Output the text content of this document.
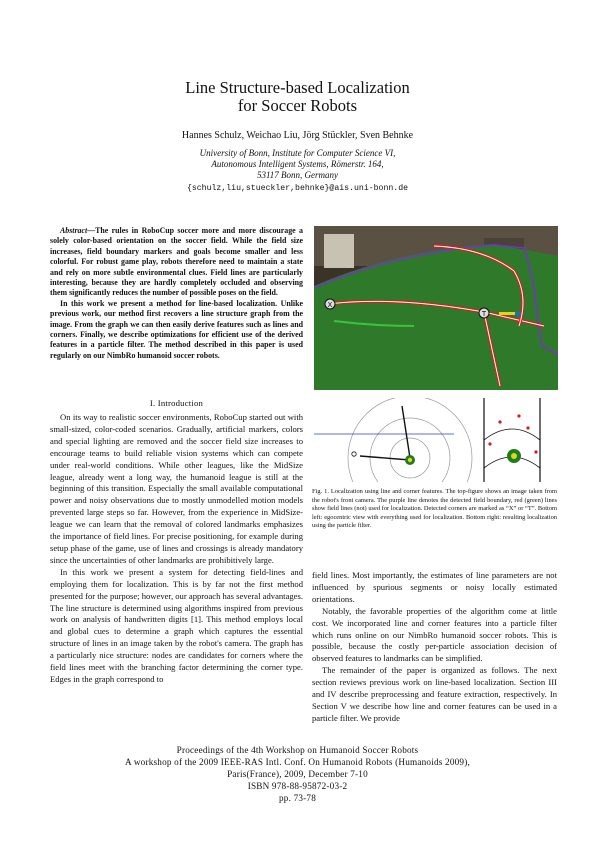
Line Structure-based Localization
for Soccer Robots
Hannes Schulz, Weichao Liu, Jörg Stückler, Sven Behnke
University of Bonn, Institute for Computer Science VI,
Autonomous Intelligent Systems, Römerstr. 164,
53117 Bonn, Germany
{schulz,liu,stueckler,behnke}@ais.uni-bonn.de

Abstract—The rules in RoboCup soccer more and more discourage a solely color-based orientation on the soccer field. While the field size increases, field boundary markers and goals become smaller and less colorful. For robust game play, robots therefore need to maintain a state and rely on more subtle environmental clues. Field lines are particularly interesting, because they are hardly completely occluded and observing them significantly reduces the number of possible poses on the field.

In this work we present a method for line-based localization. Unlike previous work, our method first recovers a line structure graph from the image. From the graph we can then easily derive features such as lines and corners. Finally, we describe optimizations for efficient use of the derived features in a particle filter. The method described in this paper is used regularly on our NimbRo humanoid soccer robots.

I. Introduction

On its way to realistic soccer environments, RoboCup started out with small-sized, color-coded scenarios. Gradually, artificial markers, colors and special lighting are removed and the soccer field size increases to encourage teams to build reliable vision systems which can compete under real-world conditions. While other leagues, like the MidSize league, already went a long way, the humanoid league is still at the beginning of this transition. Especially the small available computational power and noisy observations due to mostly unmodelled motion models prevented large steps so far. However, from the experience in MidSize-league we can learn that the removal of colored landmarks emphasizes the importance of field lines. For precise positioning, for example during setup phase of the game, use of lines and crossings is already mandatory since the uncertainties of other landmarks are prohibitively large.

In this work we present a system for detecting field-lines and employing them for localization. This is by far not the first method presented for the purpose; however, our approach has several advantages. The line structure is determined using algorithms inspired from previous work on analysis of handwritten digits [1]. This method employs local and global cues to determine a graph which captures the essential structure of lines in an image taken by the robot's camera. The graph has a particularly nice structure: nodes are candidates for corners where the field lines meet with the branching factor determining the corner type. Edges in the graph correspond to

X
T
Fig. 1. Localization using line and corner features. The top-figure shows an image taken from the robot's front camera. The purple line denotes the detected field boundary, red (green) lines show field lines (not) used for localization. Detected corners are marked as “X” or “T”. Bottom left: egocentric view with everything used for localization. Bottom right: resulting localization using the particle filter.

field lines. Most importantly, the estimates of line parameters are not influenced by spurious segments or noisy locally estimated orientations.

Notably, the favorable properties of the algorithm come at little cost. We incorporated line and corner features into a particle filter which runs online on our NimbRo humanoid soccer robots. This is possible, because the costly per-particle association decision of observed features to landmarks can be simplified.

The remainder of the paper is organized as follows. The next section reviews previous work on line-based localization. Section III and IV describe preprocessing and feature extraction, respectively. In Section V we describe how line and corner features can be used in a particle filter. We provide

Proceedings of the 4th Workshop on Humanoid Soccer Robots
A workshop of the 2009 IEEE-RAS Intl. Conf. On Humanoid Robots (Humanoids 2009),
Paris(France), 2009, December 7-10
ISBN 978-88-95872-03-2
pp. 73-78
